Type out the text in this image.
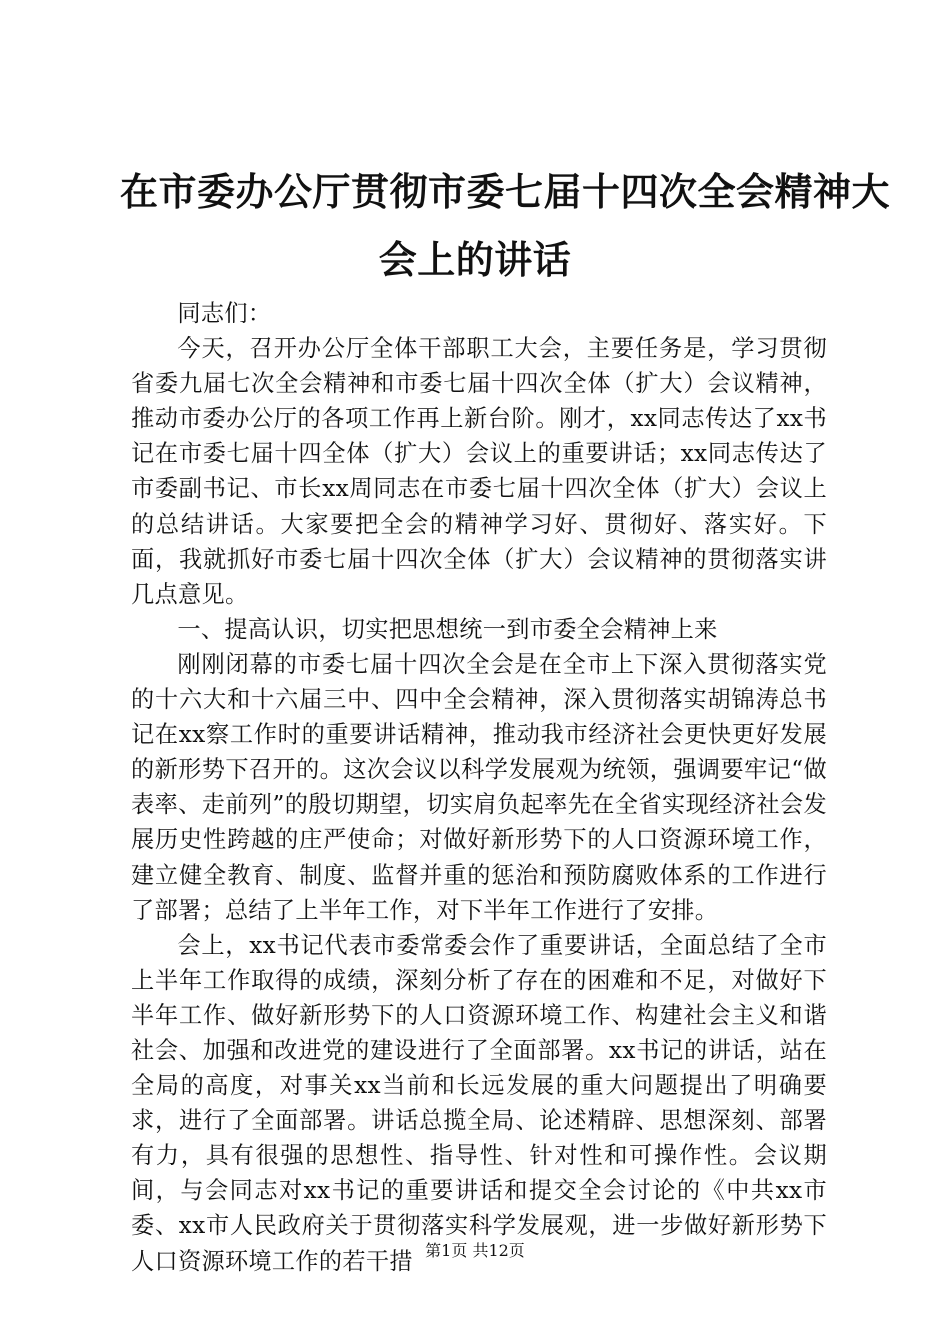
在市委办公厅贯彻市委七届十四次全会精神大
会上的讲话

同志们：

今天，召开办公厅全体干部职工大会，主要任务是，学习贯彻省委九届七次全会精神和市委七届十四次全体（扩大）会议精神，推动市委办公厅的各项工作再上新台阶。刚才，xx同志传达了xx书记在市委七届十四全体（扩大）会议上的重要讲话；xx同志传达了市委副书记、市长xx周同志在市委七届十四次全体（扩大）会议上的总结讲话。大家要把全会的精神学习好、贯彻好、落实好。下面，我就抓好市委七届十四次全体（扩大）会议精神的贯彻落实讲几点意见。

一、提高认识，切实把思想统一到市委全会精神上来

刚刚闭幕的市委七届十四次全会是在全市上下深入贯彻落实党的十六大和十六届三中、四中全会精神，深入贯彻落实胡锦涛总书记在xx察工作时的重要讲话精神，推动我市经济社会更快更好发展的新形势下召开的。这次会议以科学发展观为统领，强调要牢记“做表率、走前列”的殷切期望，切实肩负起率先在全省实现经济社会发展历史性跨越的庄严使命；对做好新形势下的人口资源环境工作，建立健全教育、制度、监督并重的惩治和预防腐败体系的工作进行了部署；总结了上半年工作，对下半年工作进行了安排。

会上，xx书记代表市委常委会作了重要讲话，全面总结了全市上半年工作取得的成绩，深刻分析了存在的困难和不足，对做好下半年工作、做好新形势下的人口资源环境工作、构建社会主义和谐社会、加强和改进党的建设进行了全面部署。xx书记的讲话，站在全局的高度，对事关xx当前和长远发展的重大问题提出了明确要求，进行了全面部署。讲话总揽全局、论述精辟、思想深刻、部署有力，具有很强的思想性、指导性、针对性和可操作性。会议期间，与会同志对xx书记的重要讲话和提交全会讨论的《中共xx市委、xx市人民政府关于贯彻落实科学发展观，进一步做好新形势下人口资源环境工作的若干措 第1页 共12页
